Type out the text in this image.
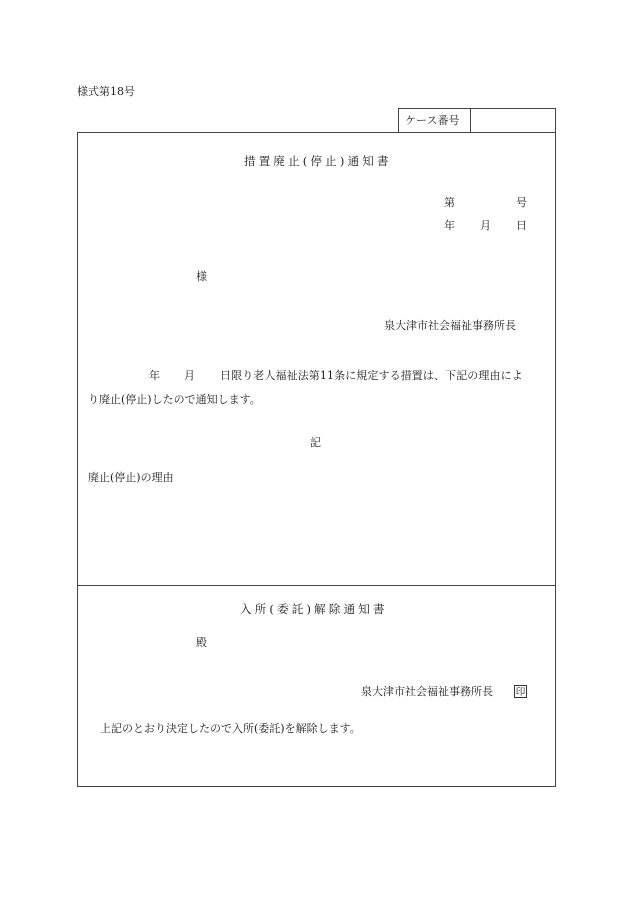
様式第18号
ケース番号
措置廃止(停止)通知書
第	号
年 月 日
様
泉大津市社会福祉事務所長
年 月 日限り老人福祉法第11条に規定する措置は、下記の理由によ
り廃止(停止)したので通知します。
記
廃止(停止)の理由
入所(委託)解除通知書
殿
泉大津市社会福祉事務所長 印
上記のとおり決定したので入所(委託)を解除します。
